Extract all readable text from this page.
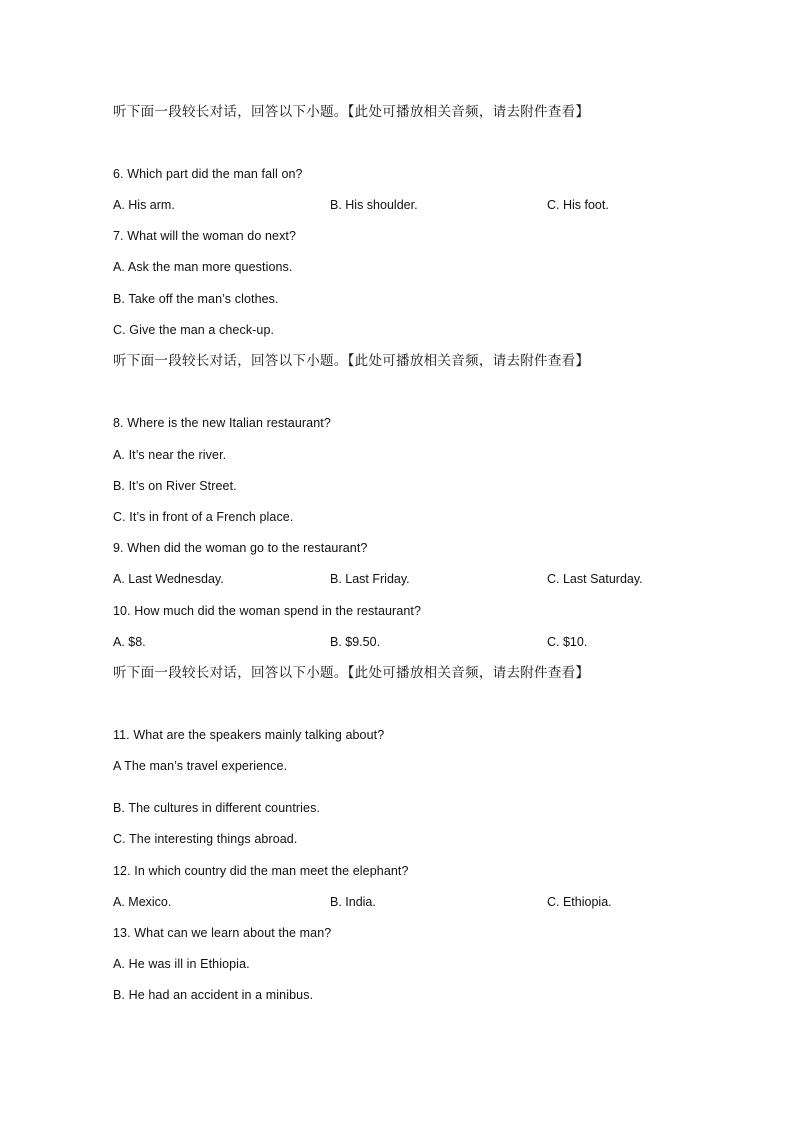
听下面一段较长对话，回答以下小题。【此处可播放相关音频，请去附件查看】
6. Which part did the man fall on?
A. His arm.	B. His shoulder.	C. His foot.
7. What will the woman do next?
A. Ask the man more questions.
B. Take off the man’s clothes.
C. Give the man a check-up.
听下面一段较长对话，回答以下小题。【此处可播放相关音频，请去附件查看】
8. Where is the new Italian restaurant?
A. It’s near the river.
B. It’s on River Street.
C. It’s in front of a French place.
9. When did the woman go to the restaurant?
A. Last Wednesday.	B. Last Friday.	C. Last Saturday.
10. How much did the woman spend in the restaurant?
A. $8.	B. $9.50.	C. $10.
听下面一段较长对话，回答以下小题。【此处可播放相关音频，请去附件查看】
11. What are the speakers mainly talking about?
A The man’s travel experience.
B. The cultures in different countries.
C. The interesting things abroad.
12. In which country did the man meet the elephant?
A. Mexico.	B. India.	C. Ethiopia.
13. What can we learn about the man?
A. He was ill in Ethiopia.
B. He had an accident in a minibus.
